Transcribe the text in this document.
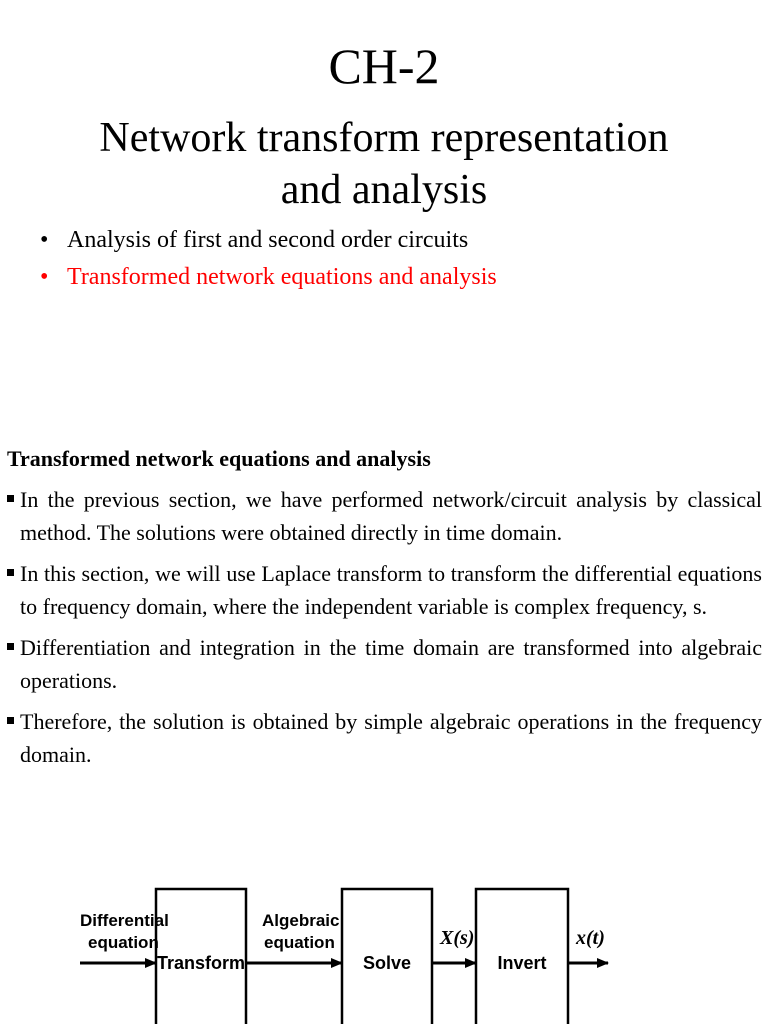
CH-2
Network transform representation
and analysis
• Analysis of first and second order circuits
• Transformed network equations and analysis
Transformed network equations and analysis
In the previous section, we have performed network/circuit analysis by classical method. The solutions were obtained directly in time domain.
In this section, we will use Laplace transform to transform the differential equations to frequency domain, where the independent variable is complex frequency, s.
Differentiation and integration in the time domain are transformed into algebraic operations.
Therefore, the solution is obtained by simple algebraic operations in the frequency domain.
Differential
equation
Transform
Algebraic
equation
Solve
X(s)
Invert
x(t)
